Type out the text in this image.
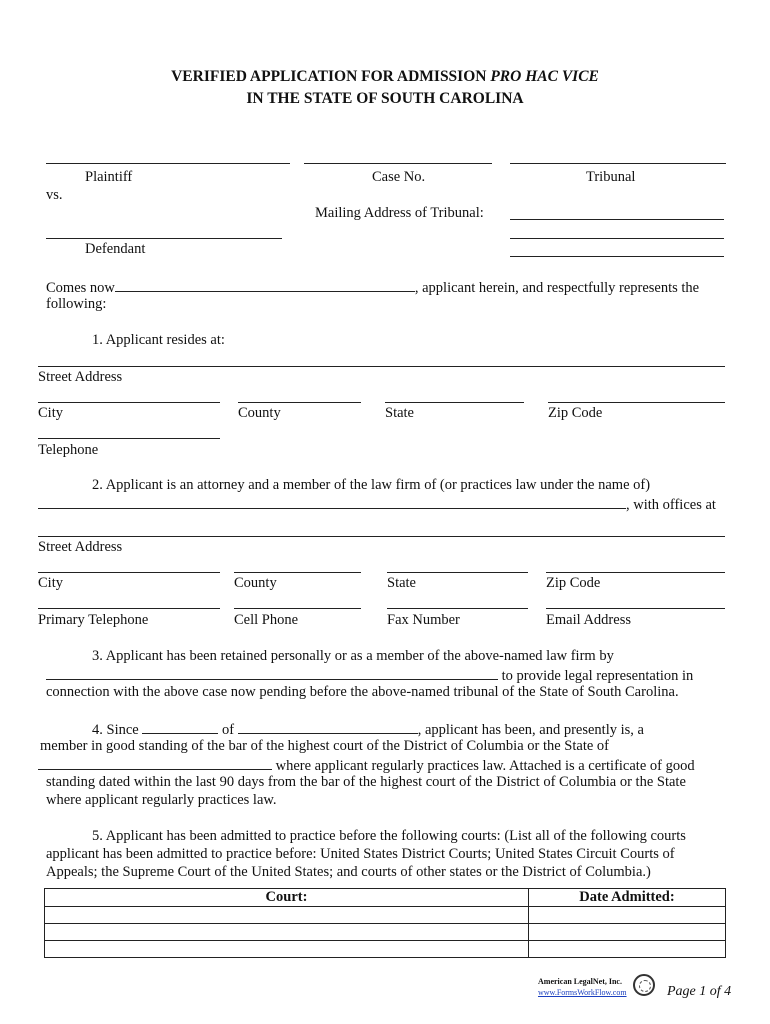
VERIFIED APPLICATION FOR ADMISSION PRO HAC VICE
IN THE STATE OF SOUTH CAROLINA
Plaintiff	Case No.	Tribunal
vs.
Mailing Address of Tribunal:
Defendant
Comes now	, applicant herein, and respectfully represents the
following:
1. Applicant resides at:
Street Address
City	County	State	Zip Code
Telephone
2. Applicant is an attorney and a member of the law firm of (or practices law under the name of)
, with offices at
Street Address
City	County	State	Zip Code
Primary Telephone	Cell Phone	Fax Number	Email Address
3. Applicant has been retained personally or as a member of the above-named law firm by
to provide legal representation in
connection with the above case now pending before the above-named tribunal of the State of South Carolina.
4. Since	of	, applicant has been, and presently is, a
member in good standing of the bar of the highest court of the District of Columbia or the State of
where applicant regularly practices law. Attached is a certificate of good
standing dated within the last 90 days from the bar of the highest court of the District of Columbia or the State
where applicant regularly practices law.
5. Applicant has been admitted to practice before the following courts: (List all of the following courts
applicant has been admitted to practice before: United States District Courts; United States Circuit Courts of
Appeals; the Supreme Court of the United States; and courts of other states or the District of Columbia.)
Court:	Date Admitted:

American LegalNet, Inc.
www.FormsWorkFlow.com	Page 1 of 4
